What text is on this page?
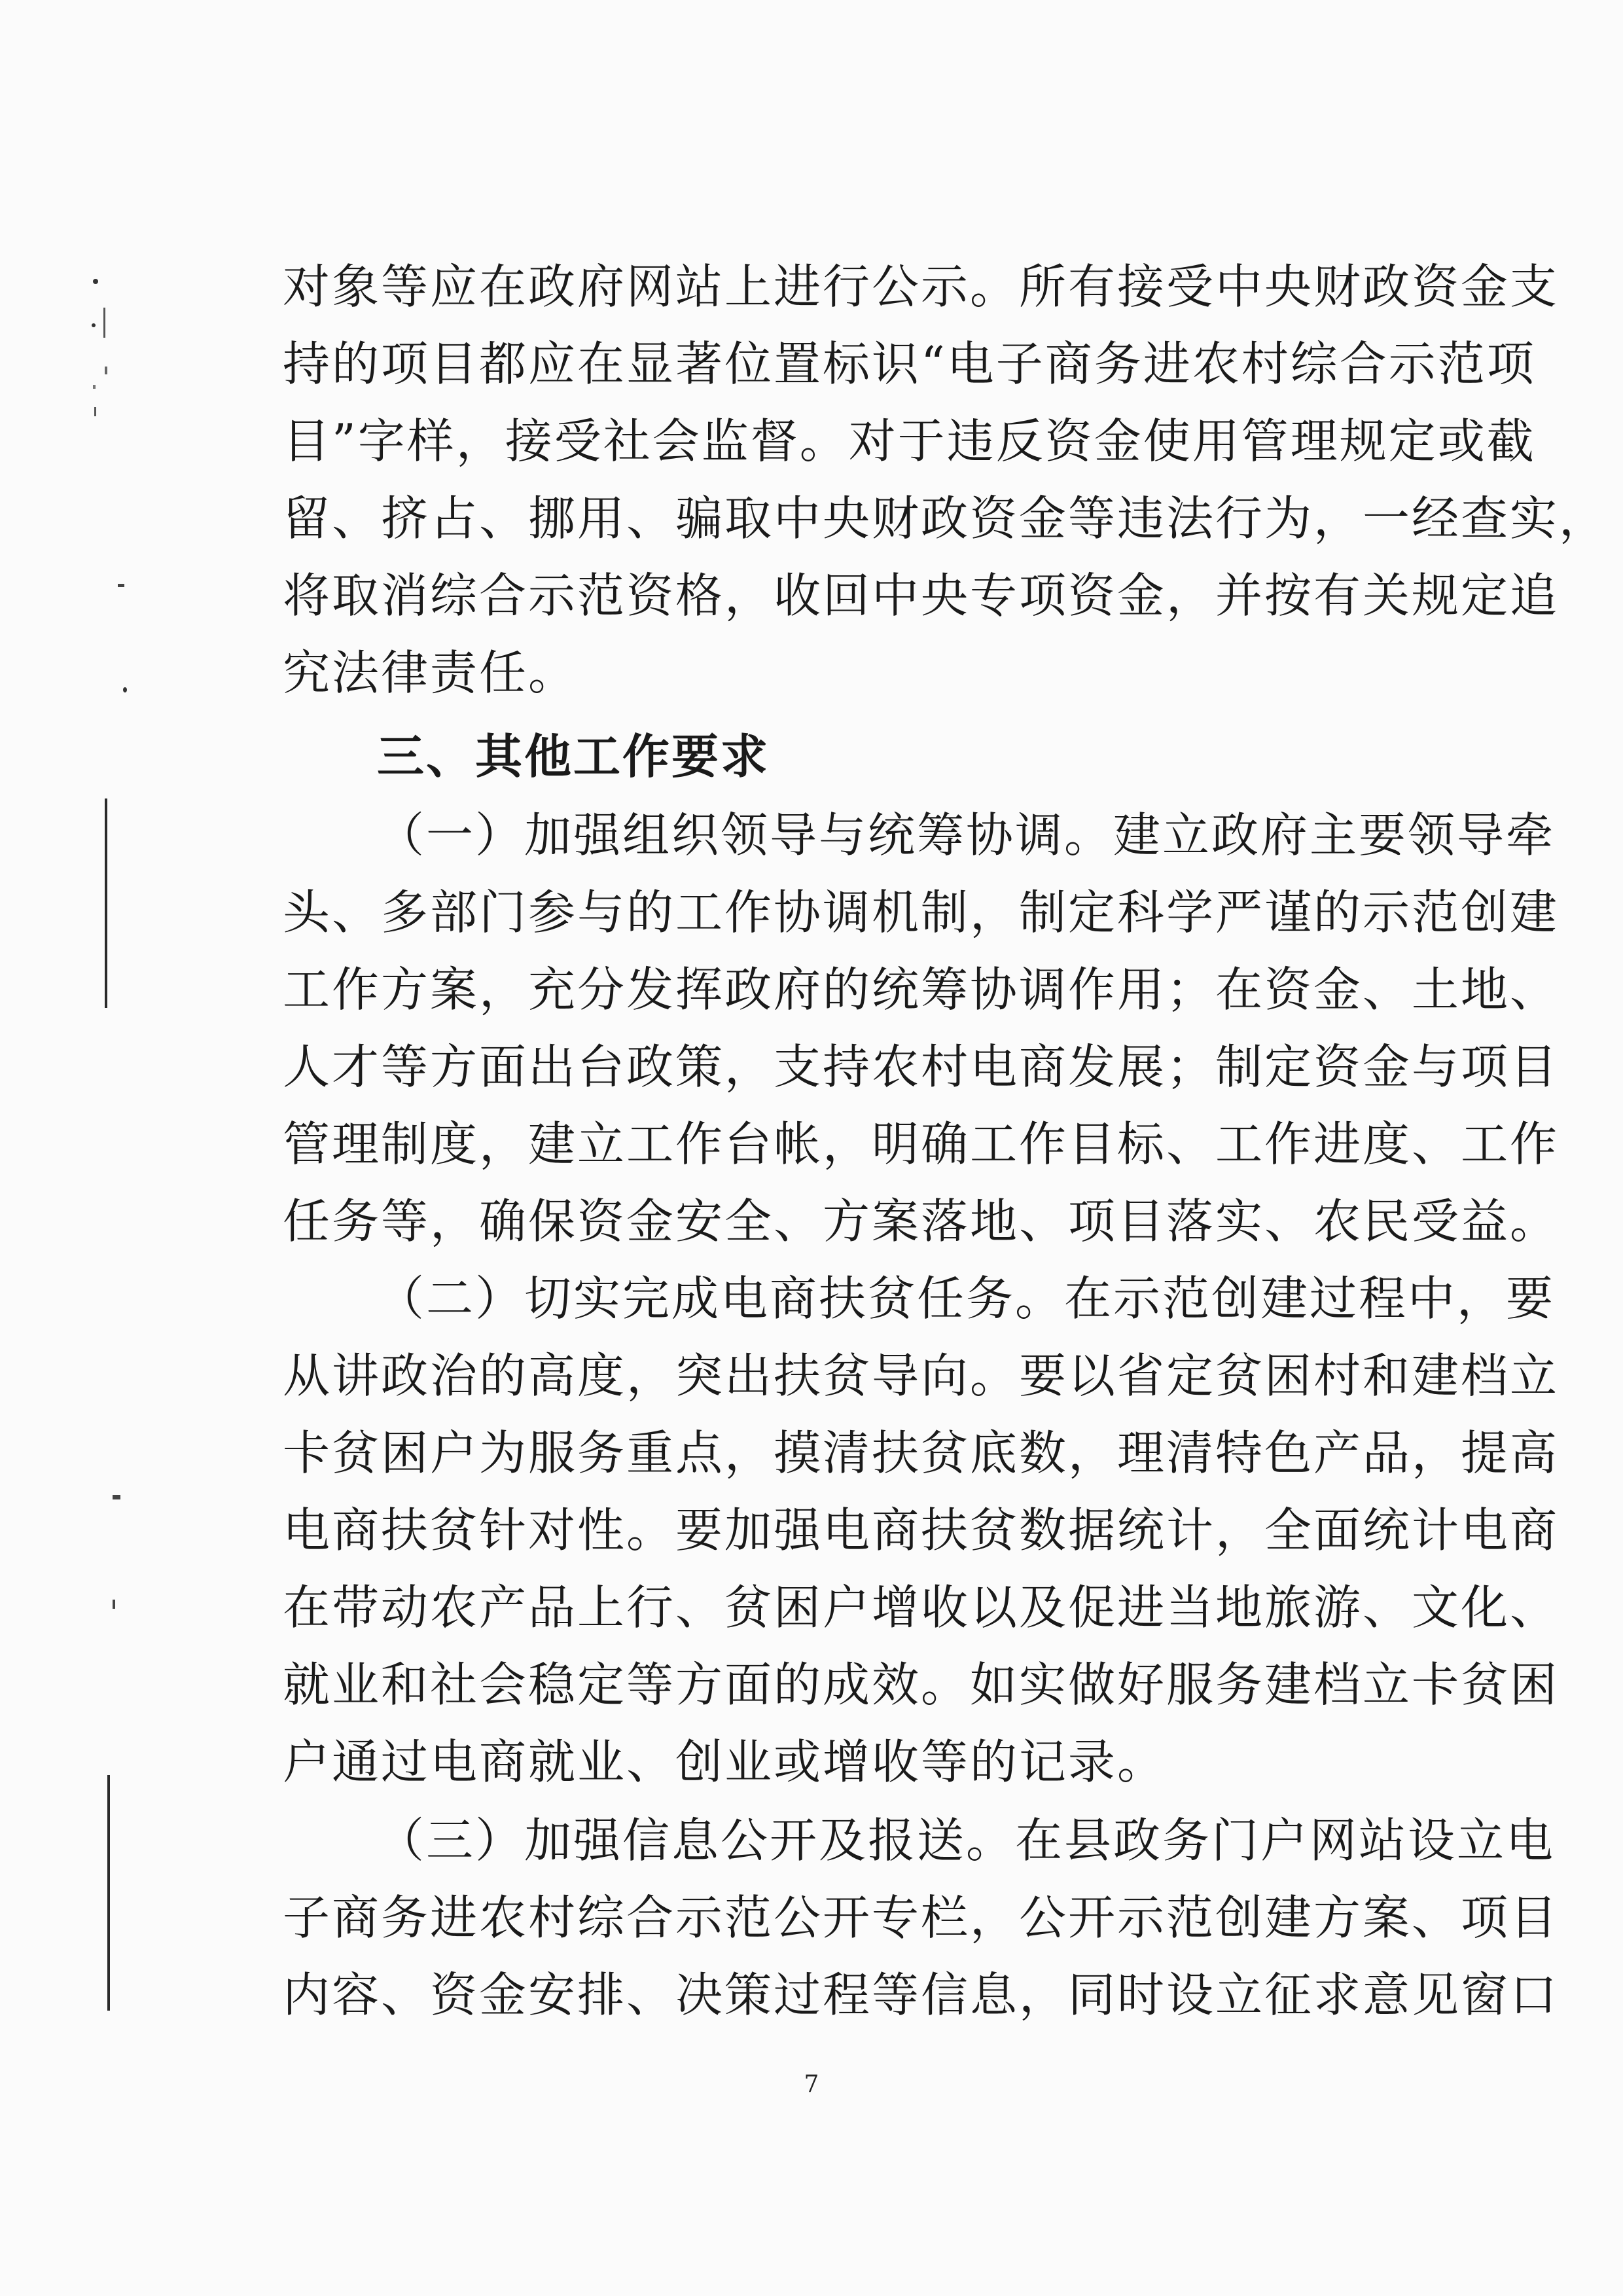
对象等应在政府网站上进行公示。所有接受中央财政资金支
持的项目都应在显著位置标识“电子商务进农村综合示范项
目”字样，接受社会监督。对于违反资金使用管理规定或截
留、挤占、挪用、骗取中央财政资金等违法行为，一经查实，
将取消综合示范资格，收回中央专项资金，并按有关规定追
究法律责任。
三、其他工作要求
（一）加强组织领导与统筹协调。建立政府主要领导牵
头、多部门参与的工作协调机制，制定科学严谨的示范创建
工作方案，充分发挥政府的统筹协调作用；在资金、土地、
人才等方面出台政策，支持农村电商发展；制定资金与项目
管理制度，建立工作台帐，明确工作目标、工作进度、工作
任务等，确保资金安全、方案落地、项目落实、农民受益。
（二）切实完成电商扶贫任务。在示范创建过程中，要
从讲政治的高度，突出扶贫导向。要以省定贫困村和建档立
卡贫困户为服务重点，摸清扶贫底数，理清特色产品，提高
电商扶贫针对性。要加强电商扶贫数据统计，全面统计电商
在带动农产品上行、贫困户增收以及促进当地旅游、文化、
就业和社会稳定等方面的成效。如实做好服务建档立卡贫困
户通过电商就业、创业或增收等的记录。
（三）加强信息公开及报送。在县政务门户网站设立电
子商务进农村综合示范公开专栏，公开示范创建方案、项目
内容、资金安排、决策过程等信息，同时设立征求意见窗口
7
